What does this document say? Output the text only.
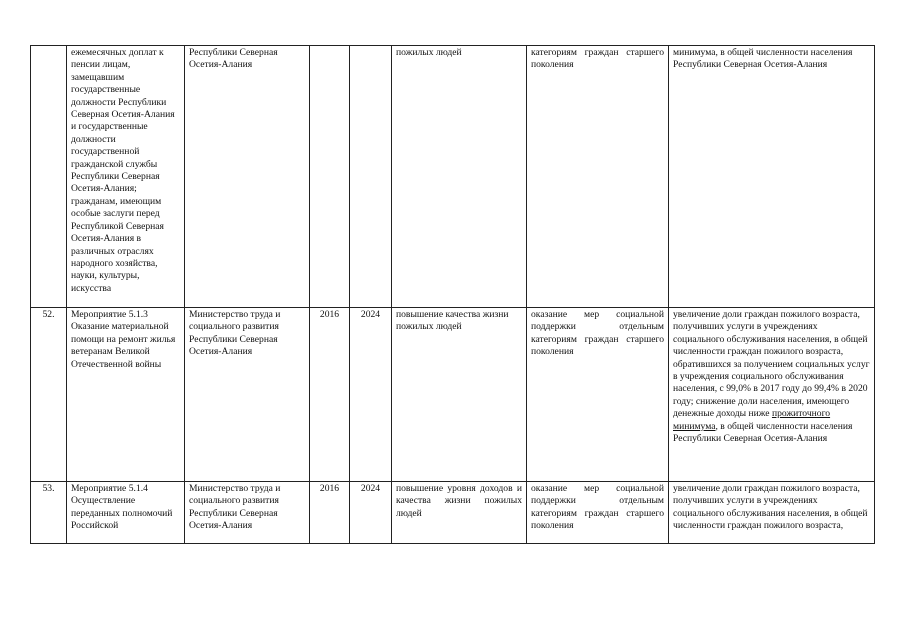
	ежемесячных доплат к пенсии лицам, замещавшим государственные должности Республики Северная Осетия-Алания и государственные должности государственной гражданской службы Республики Северная Осетия-Алания; гражданам, имеющим особые заслуги перед Республикой Северная Осетия-Алания в различных отраслях народного хозяйства, науки, культуры, искусства	Республики Северная Осетия-Алания			пожилых людей	категориям граждан старшего поколения	минимума, в общей численности населения Республики Северная Осетия-Алания
52.	Мероприятие 5.1.3 Оказание материальной помощи на ремонт жилья ветеранам Великой Отечественной войны	Министерство труда и социального развития Республики Северная Осетия-Алания	2016	2024	повышение качества жизни пожилых людей	оказание мер социальной поддержки отдельным категориям граждан старшего поколения	увеличение доли граждан пожилого возраста, получивших услуги в учреждениях социального обслуживания населения, в общей численности граждан пожилого возраста, обратившихся за получением социальных услуг в учреждения социального обслуживания населения, с 99,0% в 2017 году до 99,4% в 2020 году; снижение доли населения, имеющего денежные доходы ниже прожиточного минимума, в общей численности населения Республики Северная Осетия-Алания
53.	Мероприятие 5.1.4 Осуществление переданных полномочий Российской	Министерство труда и социального развития Республики Северная Осетия-Алания	2016	2024	повышение уровня доходов и качества жизни пожилых людей	оказание мер социальной поддержки отдельным категориям граждан старшего поколения	увеличение доли граждан пожилого возраста, получивших услуги в учреждениях социального обслуживания населения, в общей численности граждан пожилого возраста,
